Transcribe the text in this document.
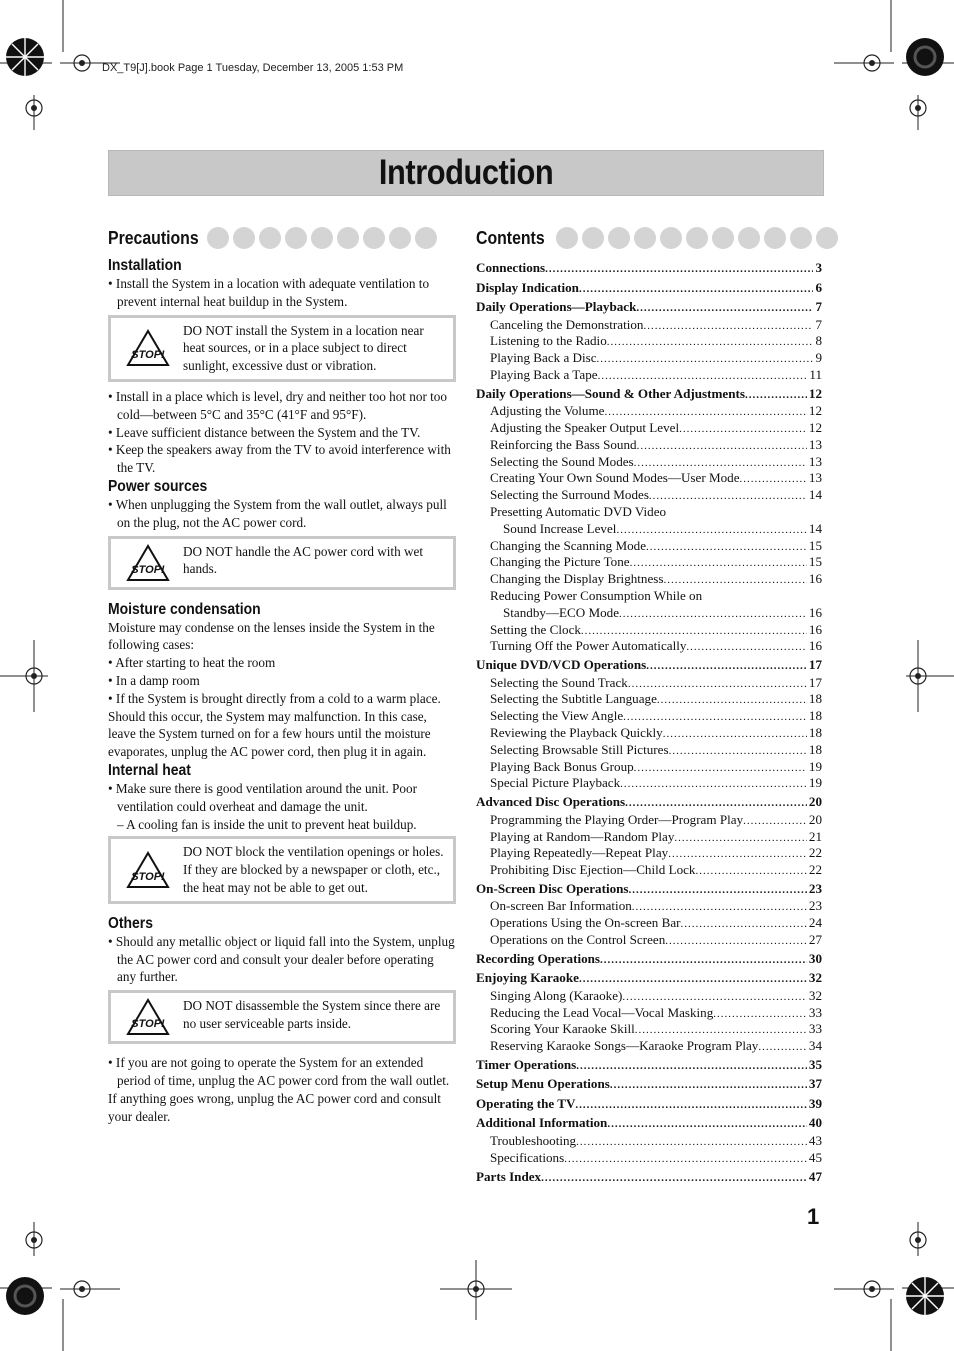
DX_T9[J].book Page 1 Tuesday, December 13, 2005 1:53 PM
Introduction
Precautions	Contents

Installation

• Install the System in a location with adequate ventilation to prevent internal heat buildup in the System.

STOP!
DO NOT install the System in a location near heat sources, or in a place subject to direct sunlight, excessive dust or vibration.

• Install in a place which is level, dry and neither too hot nor too cold—between 5°C and 35°C (41°F and 95°F).

• Leave sufficient distance between the System and the TV.

• Keep the speakers away from the TV to avoid interference with the TV.

Power sources

• When unplugging the System from the wall outlet, always pull on the plug, not the AC power cord.

STOP!
DO NOT handle the AC power cord with wet hands.

Moisture condensation

Moisture may condense on the lenses inside the System in the following cases:

• After starting to heat the room

• In a damp room

• If the System is brought directly from a cold to a warm place.

Should this occur, the System may malfunction. In this case, leave the System turned on for a few hours until the moisture evaporates, unplug the AC power cord, then plug it in again.

Internal heat

• Make sure there is good ventilation around the unit. Poor ventilation could overheat and damage the unit.

– A cooling fan is inside the unit to prevent heat buildup.

STOP!
DO NOT block the ventilation openings or holes. If they are blocked by a newspaper or cloth, etc., the heat may not be able to get out.

Others

• Should any metallic object or liquid fall into the System, unplug the AC power cord and consult your dealer before operating any further.

STOP!
DO NOT disassemble the System since there are no user serviceable parts inside.

• If you are not going to operate the System for an extended period of time, unplug the AC power cord from the wall outlet.

If anything goes wrong, unplug the AC power cord and consult your dealer.

Connections .....	3
Display Indication .....	6
Daily Operations—Playback .....	7
Canceling the Demonstration .....	7
Listening to the Radio .....	8
Playing Back a Disc .....	9
Playing Back a Tape .....	11
Daily Operations—Sound & Other Adjustments .....	12
Adjusting the Volume .....	12
Adjusting the Speaker Output Level .....	12
Reinforcing the Bass Sound .....	13
Selecting the Sound Modes .....	13
Creating Your Own Sound Modes—User Mode .....	13
Selecting the Surround Modes .....	14
Presetting Automatic DVD Video
Sound Increase Level .....	14
Changing the Scanning Mode .....	15
Changing the Picture Tone .....	15
Changing the Display Brightness .....	16
Reducing Power Consumption While on
Standby—ECO Mode .....	16
Setting the Clock .....	16
Turning Off the Power Automatically .....	16
Unique DVD/VCD Operations .....	17
Selecting the Sound Track .....	17
Selecting the Subtitle Language .....	18
Selecting the View Angle .....	18
Reviewing the Playback Quickly .....	18
Selecting Browsable Still Pictures .....	18
Playing Back Bonus Group .....	19
Special Picture Playback .....	19
Advanced Disc Operations .....	20
Programming the Playing Order—Program Play .....	20
Playing at Random—Random Play .....	21
Playing Repeatedly—Repeat Play .....	22
Prohibiting Disc Ejection—Child Lock .....	22
On-Screen Disc Operations .....	23
On-screen Bar Information .....	23
Operations Using the On-screen Bar .....	24
Operations on the Control Screen .....	27
Recording Operations .....	30
Enjoying Karaoke .....	32
Singing Along (Karaoke) .....	32
Reducing the Lead Vocal—Vocal Masking .....	33
Scoring Your Karaoke Skill .....	33
Reserving Karaoke Songs—Karaoke Program Play .....	34
Timer Operations .....	35
Setup Menu Operations .....	37
Operating the TV .....	39
Additional Information .....	40
Troubleshooting .....	43
Specifications .....	45
Parts Index .....	47
1
